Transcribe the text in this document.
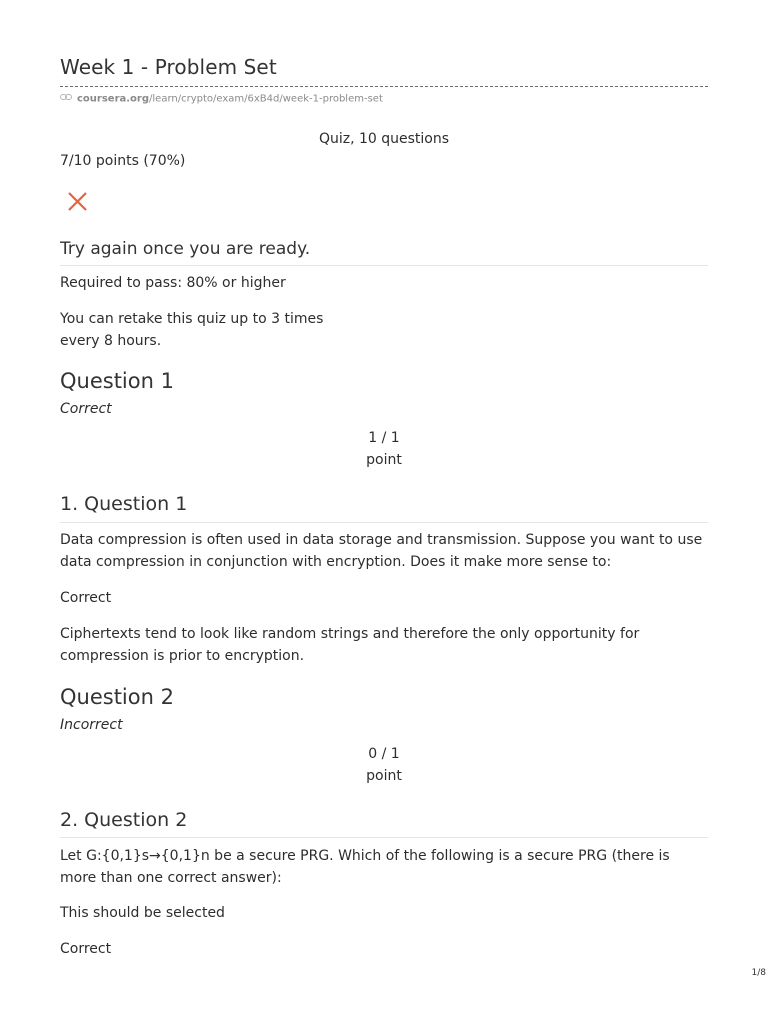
Week 1 - Problem Set
coursera.org/learn/crypto/exam/6xB4d/week-1-problem-set
Quiz, 10 questions
7/10 points (70%)
Try again once you are ready.
Required to pass: 80% or higher
You can retake this quiz up to 3 times
every 8 hours.
Question 1
Correct
1 / 1
point
1. Question 1
Data compression is often used in data storage and transmission. Suppose you want to use data compression in conjunction with encryption. Does it make more sense to:
Correct
Ciphertexts tend to look like random strings and therefore the only opportunity for compression is prior to encryption.
Question 2
Incorrect
0 / 1
point
2. Question 2
Let G:{0,1}s→{0,1}n be a secure PRG. Which of the following is a secure PRG (there is more than one correct answer):
This should be selected
Correct
1/8
